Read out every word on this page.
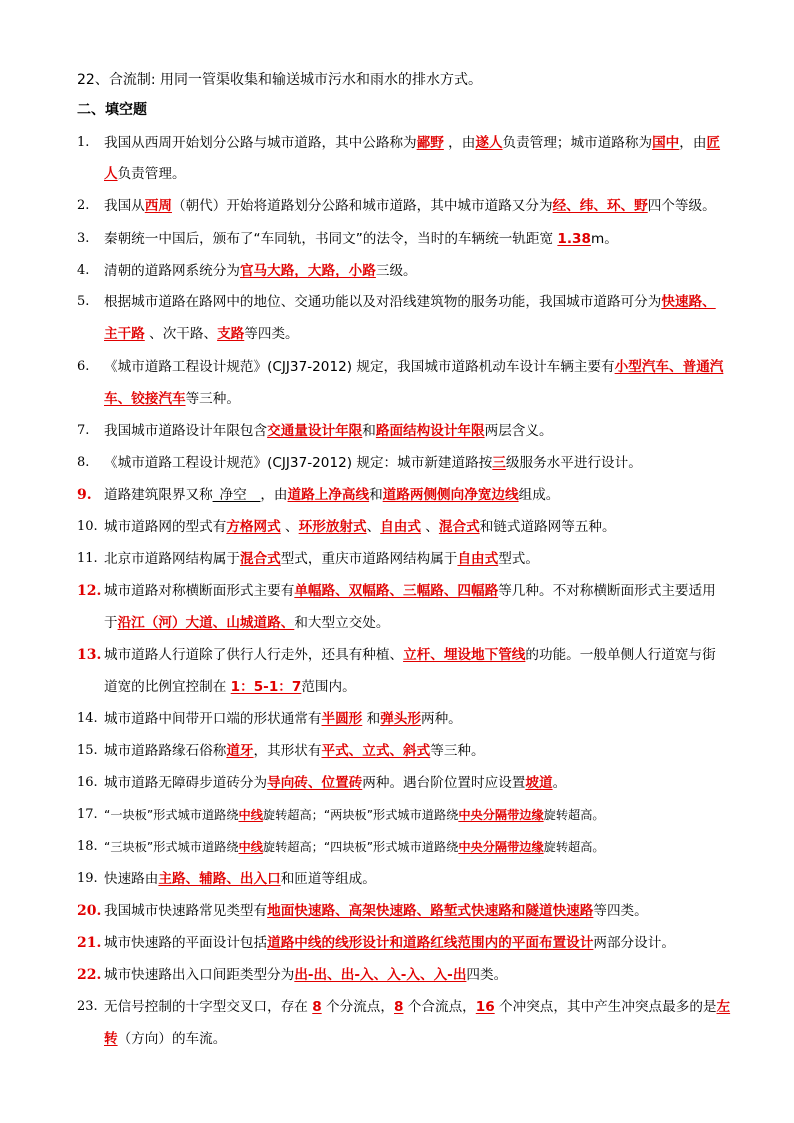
22、合流制: 用同一管渠收集和输送城市污水和雨水的排水方式。
二、填空题
1.	我国从西周开始划分公路与城市道路，其中公路称为鄙野 ，由遂人负责管理；城市道路称为国中，由匠
人负责管理。
2.	我国从西周（朝代）开始将道路划分公路和城市道路，其中城市道路又分为经、纬、环、野四个等级。
3.	秦朝统一中国后，颁布了“车同轨，书同文”的法令，当时的车辆统一轨距宽 1.38m。
4.	清朝的道路网系统分为官马大路，大路，小路三级。
5.	根据城市道路在路网中的地位、交通功能以及对沿线建筑物的服务功能，我国城市道路可分为快速路、
主干路 、次干路、支路等四类。
6.	《城市道路工程设计规范》(CJJ37-2012) 规定，我国城市道路机动车设计车辆主要有小型汽车、普通汽
车、铰接汽车等三种。
7.	我国城市道路设计年限包含交通量设计年限和路面结构设计年限两层含义。
8.	《城市道路工程设计规范》(CJJ37-2012) 规定：城市新建道路按三级服务水平进行设计。
9. 道路建筑限界又称_净空__，由道路上净高线和道路两侧侧向净宽边线组成。
10. 城市道路网的型式有方格网式 、环形放射式、自由式 、混合式和链式道路网等五种。
11. 北京市道路网结构属于混合式型式，重庆市道路网结构属于自由式型式。
12. 城市道路对称横断面形式主要有单幅路、双幅路、三幅路、四幅路等几种。不对称横断面形式主要适用
于沿江（河）大道、山城道路、和大型立交处。
13. 城市道路人行道除了供行人行走外，还具有种植、立杆、埋设地下管线的功能。一般单侧人行道宽与街
道宽的比例宜控制在 1：5-1：7范围内。
14. 城市道路中间带开口端的形状通常有半圆形 和弹头形两种。
15. 城市道路路缘石俗称道牙，其形状有平式、立式、斜式等三种。
16. 城市道路无障碍步道砖分为导向砖、位置砖两种。遇台阶位置时应设置坡道。
17. “一块板”形式城市道路绕中线旋转超高；“两块板”形式城市道路绕中央分隔带边缘旋转超高。
18. “三块板”形式城市道路绕中线旋转超高；“四块板”形式城市道路绕中央分隔带边缘旋转超高。
19. 快速路由主路、辅路、出入口和匝道等组成。
20. 我国城市快速路常见类型有地面快速路、高架快速路、路堑式快速路和隧道快速路等四类。
21. 城市快速路的平面设计包括道路中线的线形设计和道路红线范围内的平面布置设计两部分设计。
22. 城市快速路出入口间距类型分为出-出、出-入、入-入、入-出四类。
23. 无信号控制的十字型交叉口，存在 8 个分流点，8 个合流点，16 个冲突点，其中产生冲突点最多的是左
转（方向）的车流。
